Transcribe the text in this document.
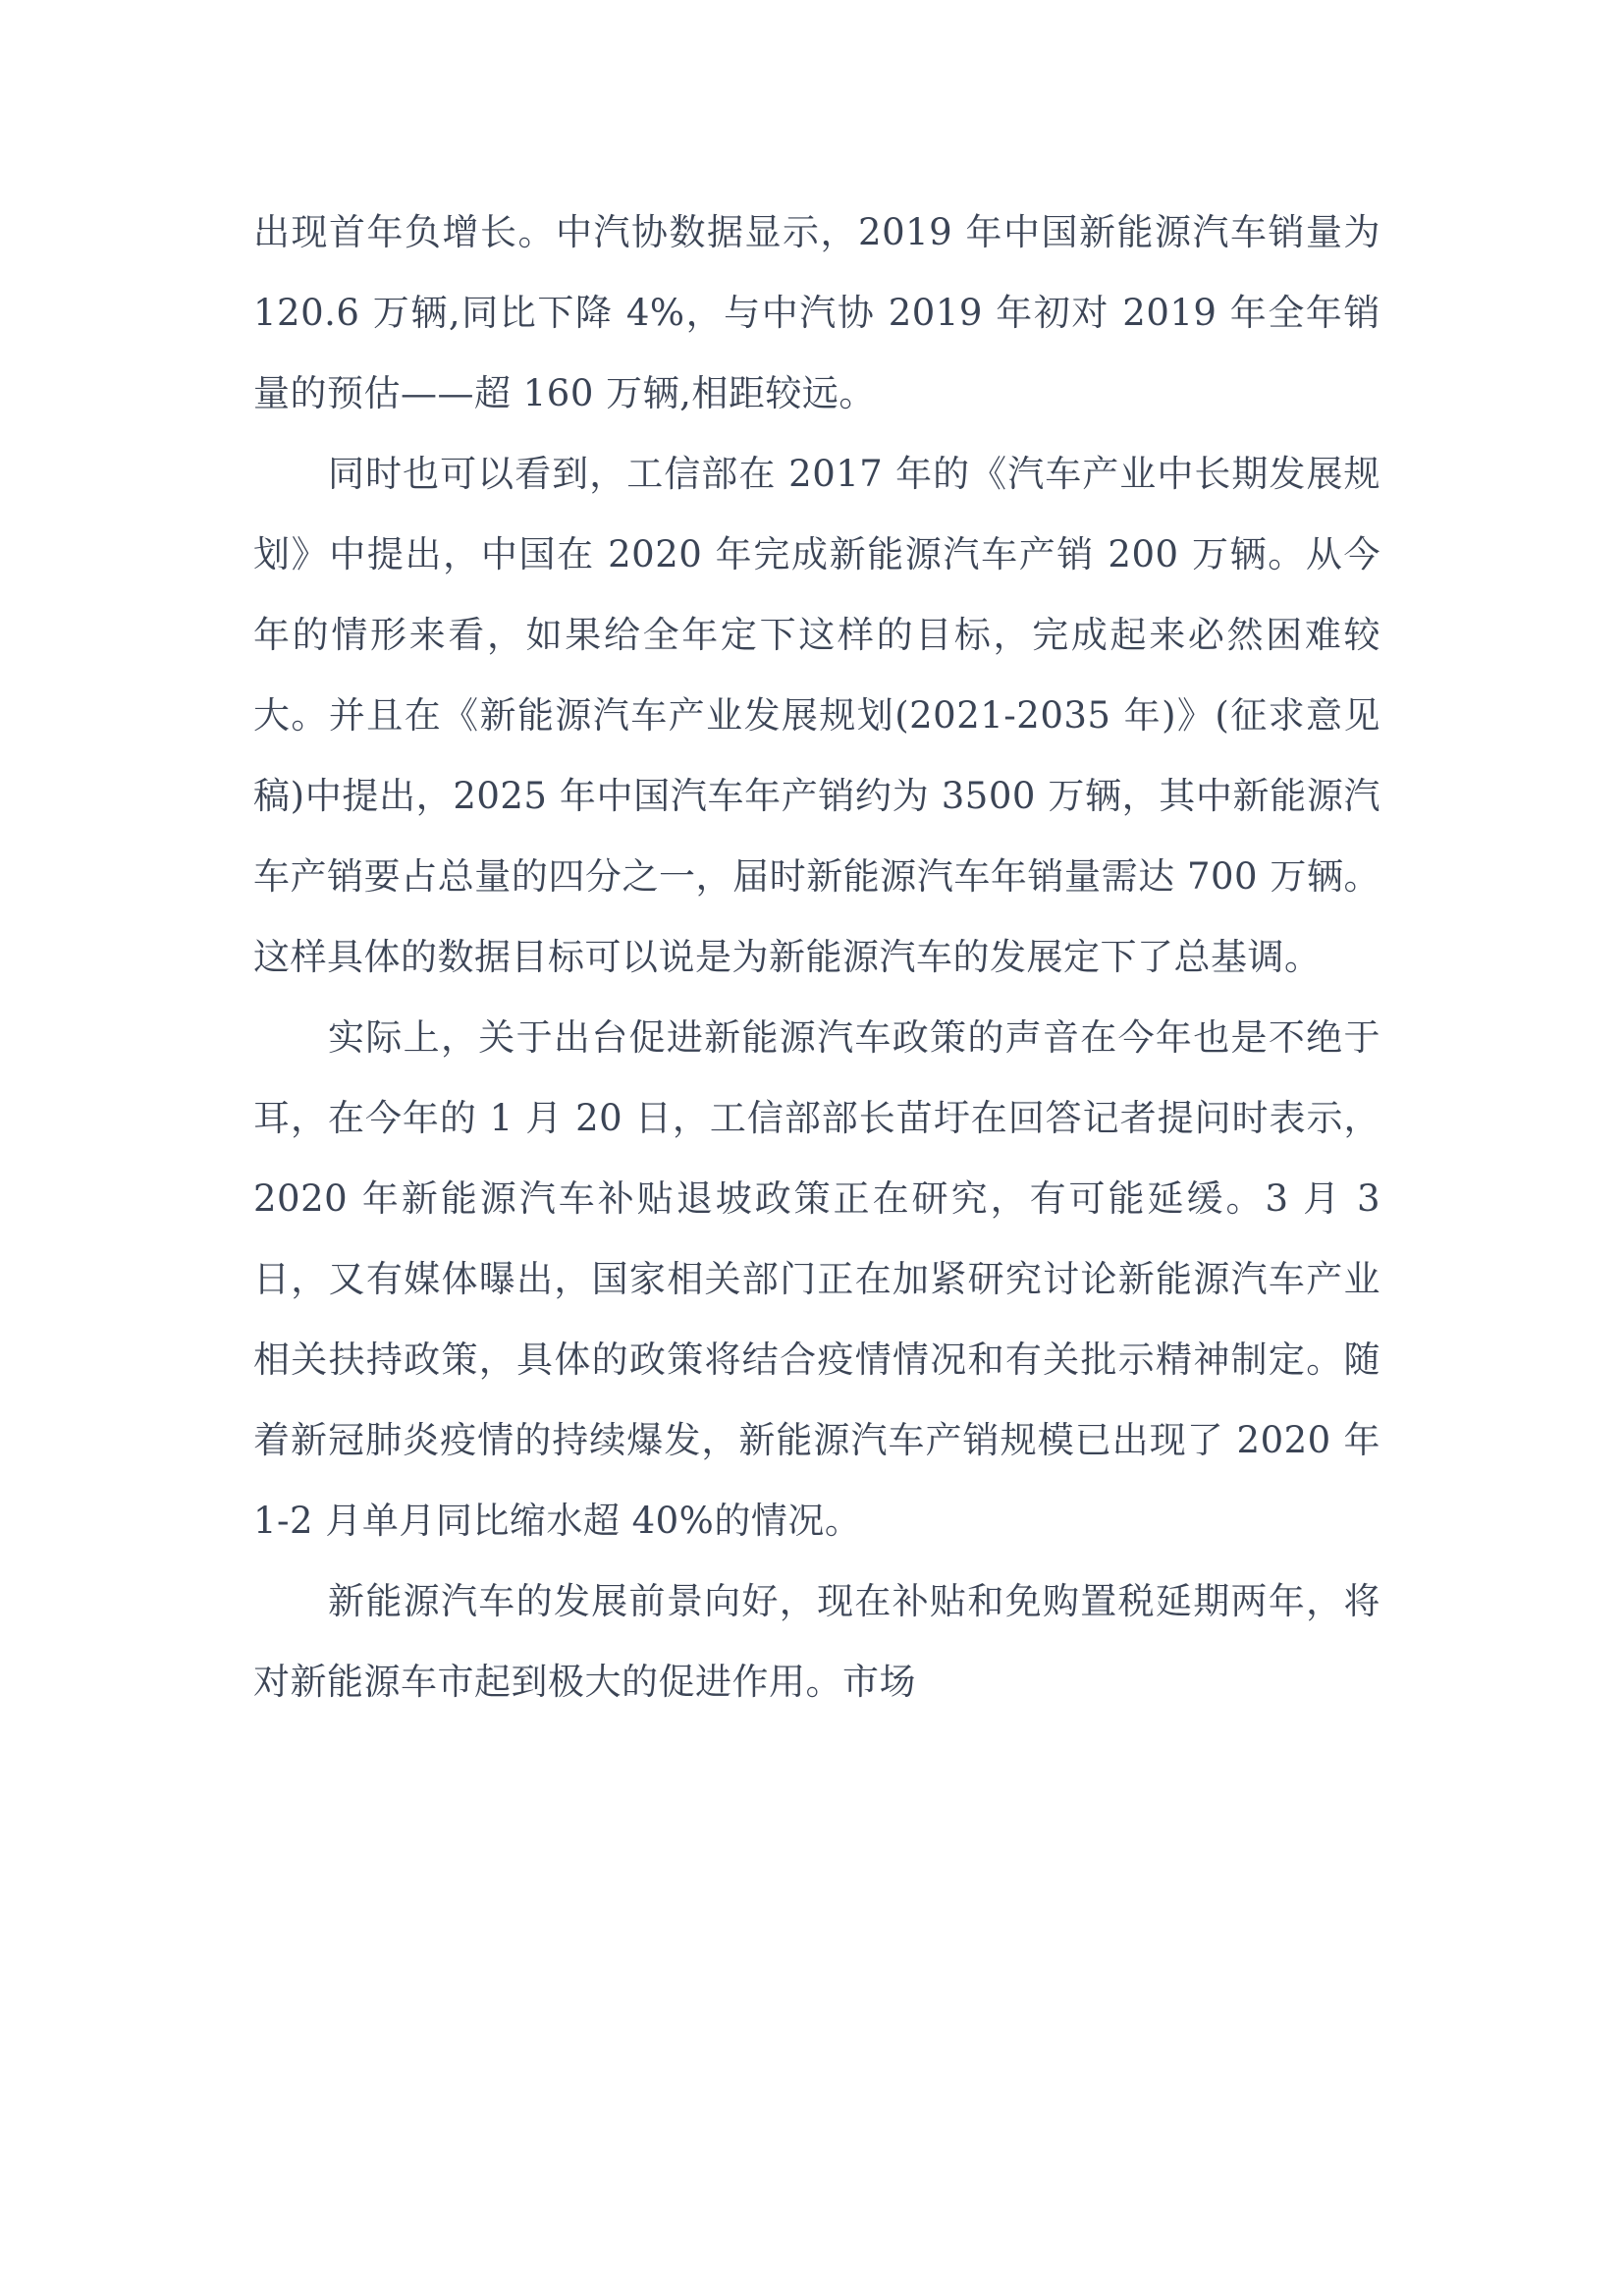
出现首年负增长。中汽协数据显示，2019 年中国新能源汽车销量为 120.6 万辆,同比下降 4%，与中汽协 2019 年初对 2019 年全年销量的预估——超 160 万辆,相距较远。

同时也可以看到，工信部在 2017 年的《汽车产业中长期发展规划》中提出，中国在 2020 年完成新能源汽车产销 200 万辆。从今年的情形来看，如果给全年定下这样的目标，完成起来必然困难较大。并且在《新能源汽车产业发展规划(2021-2035 年)》(征求意见稿)中提出，2025 年中国汽车年产销约为 3500 万辆，其中新能源汽车产销要占总量的四分之一，届时新能源汽车年销量需达 700 万辆。这样具体的数据目标可以说是为新能源汽车的发展定下了总基调。

实际上，关于出台促进新能源汽车政策的声音在今年也是不绝于耳，在今年的 1 月 20 日，工信部部长苗圩在回答记者提问时表示，2020 年新能源汽车补贴退坡政策正在研究，有可能延缓。3 月 3 日，又有媒体曝出，国家相关部门正在加紧研究讨论新能源汽车产业相关扶持政策，具体的政策将结合疫情情况和有关批示精神制定。随着新冠肺炎疫情的持续爆发，新能源汽车产销规模已出现了 2020 年 1-2 月单月同比缩水超 40%的情况。

新能源汽车的发展前景向好，现在补贴和免购置税延期两年，将对新能源车市起到极大的促进作用。市场
